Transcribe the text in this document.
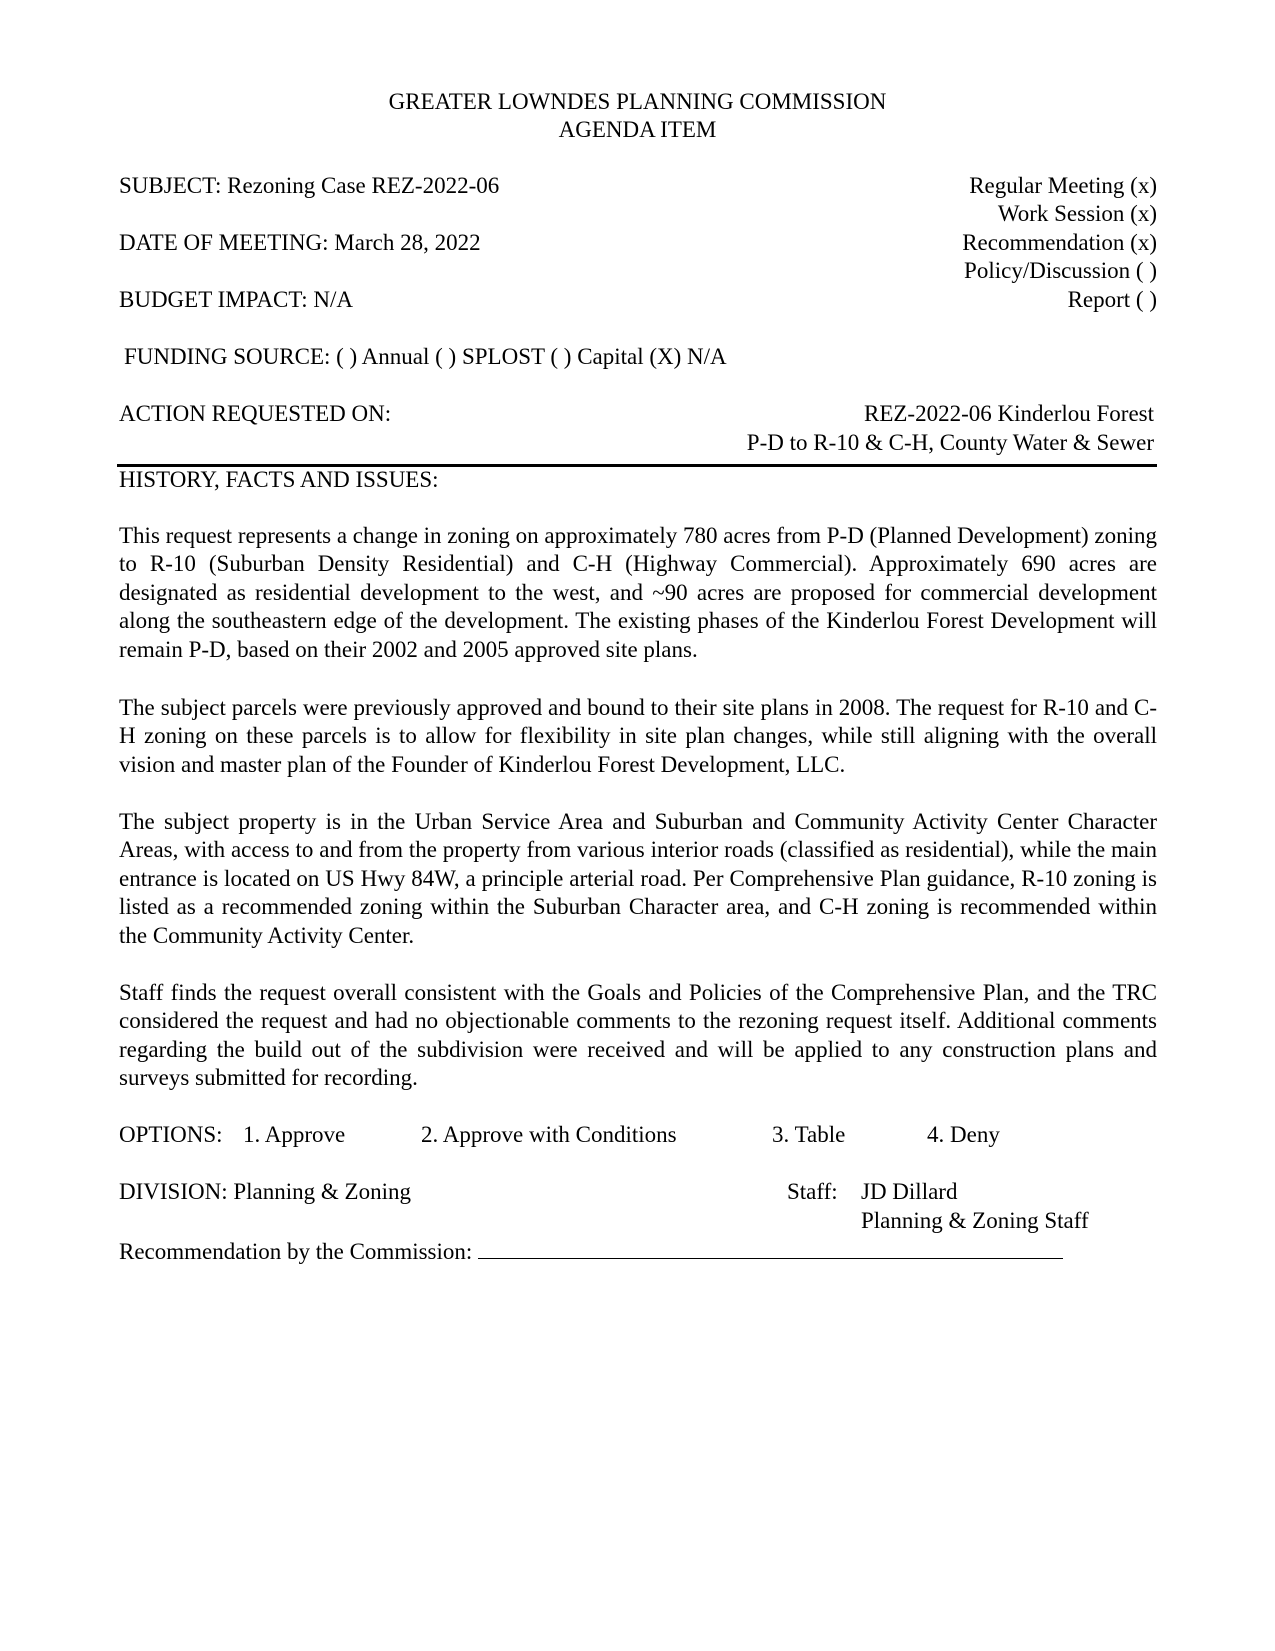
GREATER LOWNDES PLANNING COMMISSION

AGENDA ITEM

SUBJECT: Rezoning Case REZ-2022-06

DATE OF MEETING: March 28, 2022

BUDGET IMPACT: N/A

FUNDING SOURCE: ( ) Annual ( ) SPLOST ( ) Capital (X) N/A

Regular Meeting (x)

Work Session (x)

Recommendation (x)

Policy/Discussion ( )

Report ( )

ACTION REQUESTED ON:	REZ-2022-06 Kinderlou Forest

P-D to R-10 & C-H, County Water & Sewer

HISTORY, FACTS AND ISSUES:

This request represents a change in zoning on approximately 780 acres from P-D (Planned Development) zoning to R-10 (Suburban Density Residential) and C-H (Highway Commercial). Approximately 690 acres are designated as residential development to the west, and ~90 acres are proposed for commercial development along the southeastern edge of the development. The existing phases of the Kinderlou Forest Development will remain P-D, based on their 2002 and 2005 approved site plans.

The subject parcels were previously approved and bound to their site plans in 2008. The request for R-10 and C-H zoning on these parcels is to allow for flexibility in site plan changes, while still aligning with the overall vision and master plan of the Founder of Kinderlou Forest Development, LLC.

The subject property is in the Urban Service Area and Suburban and Community Activity Center Character Areas, with access to and from the property from various interior roads (classified as residential), while the main entrance is located on US Hwy 84W, a principle arterial road. Per Comprehensive Plan guidance, R-10 zoning is listed as a recommended zoning within the Suburban Character area, and C-H zoning is recommended within the Community Activity Center.

Staff finds the request overall consistent with the Goals and Policies of the Comprehensive Plan, and the TRC considered the request and had no objectionable comments to the rezoning request itself. Additional comments regarding the build out of the subdivision were received and will be applied to any construction plans and surveys submitted for recording.

OPTIONS: 1. Approve	2. Approve with Conditions	3. Table	4. Deny

DIVISION: Planning & Zoning	Staff: JD Dillard

Planning & Zoning Staff

Recommendation by the Commission:
